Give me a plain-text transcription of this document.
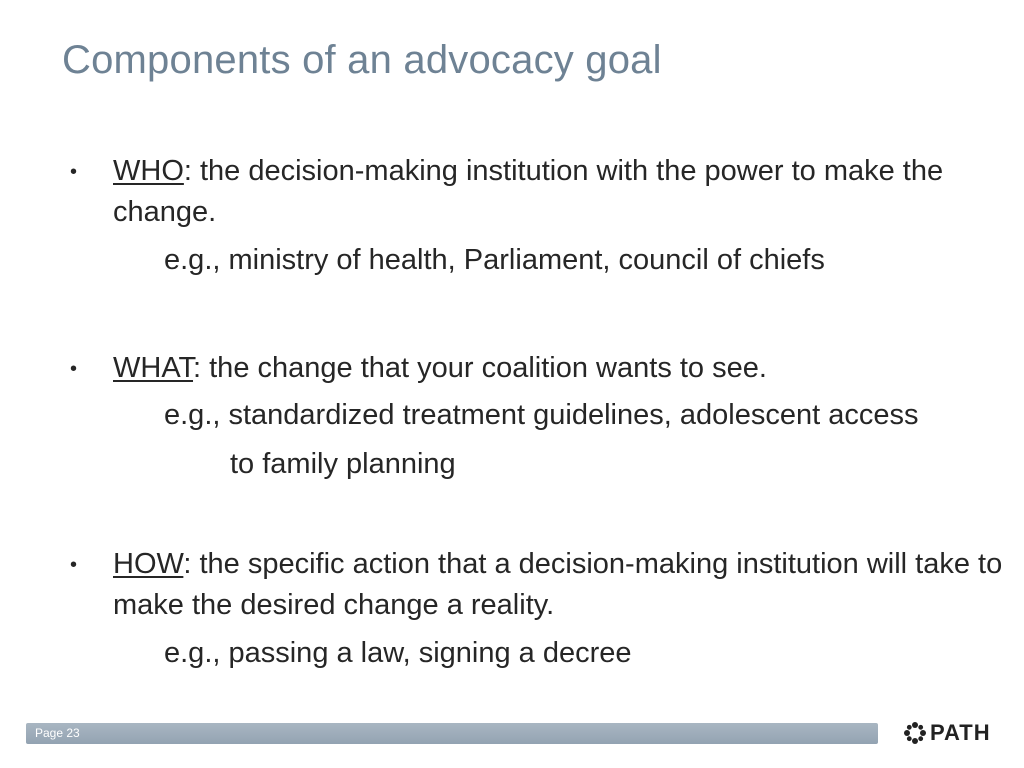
Components of an advocacy goal
• WHO: the decision-making institution with the power to make the change.
e.g., ministry of health, Parliament, council of chiefs
• WHAT: the change that your coalition wants to see.
e.g., standardized treatment guidelines, adolescent access
to family planning
• HOW: the specific action that a decision-making institution will take to make the desired change a reality.
e.g., passing a law, signing a decree
Page 23	PATH
